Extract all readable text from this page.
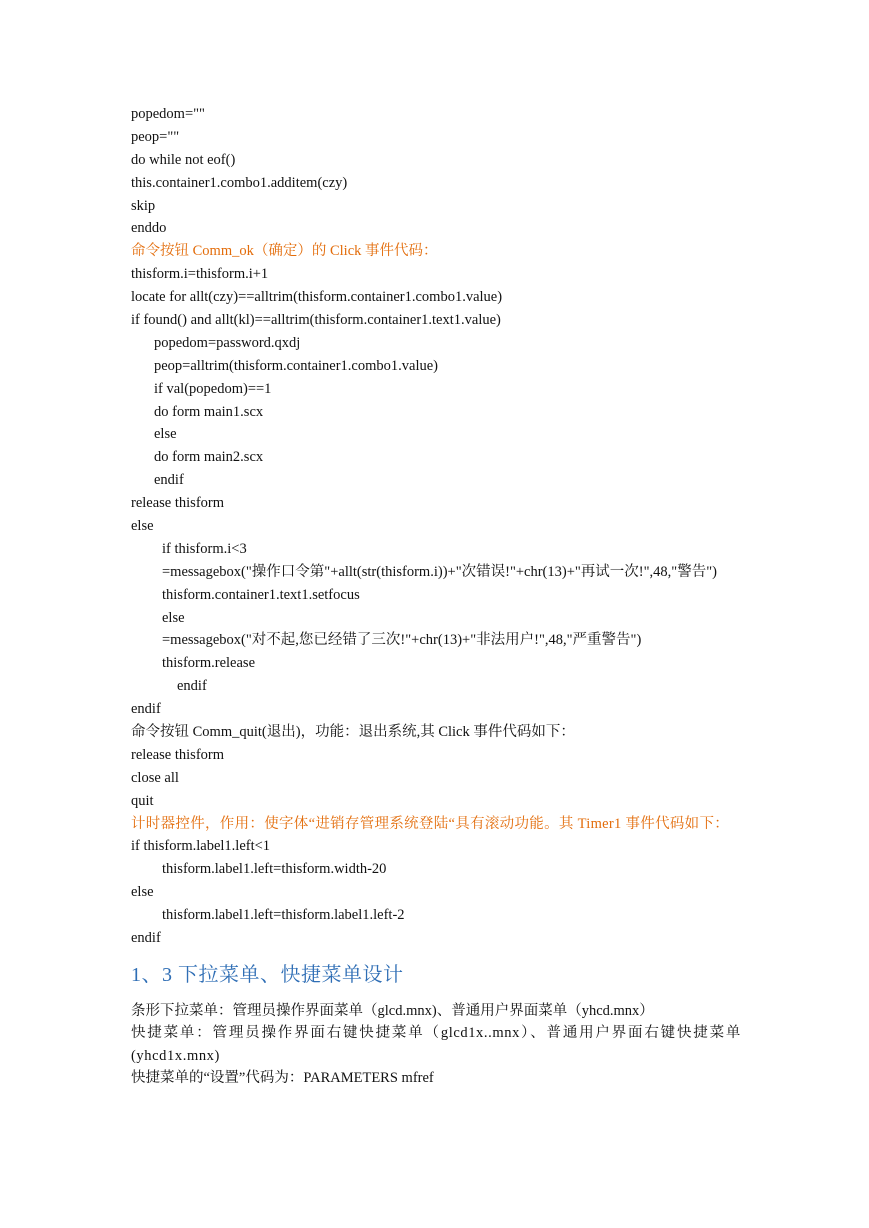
popedom=""
peop=""
do while not eof()
this.container1.combo1.additem(czy)
skip
enddo
命令按钮 Comm_ok（确定）的 Click 事件代码：
thisform.i=thisform.i+1
locate for allt(czy)==alltrim(thisform.container1.combo1.value)
if found() and allt(kl)==alltrim(thisform.container1.text1.value)
popedom=password.qxdj
peop=alltrim(thisform.container1.combo1.value)
if val(popedom)==1
do form main1.scx
else
do form main2.scx
endif
release thisform
else
if thisform.i<3
=messagebox("操作口令第"+allt(str(thisform.i))+"次错误!"+chr(13)+"再试一次!",48,"警告")
thisform.container1.text1.setfocus
else
=messagebox("对不起,您已经错了三次!"+chr(13)+"非法用户!",48,"严重警告")
thisform.release
endif
endif
命令按钮 Comm_quit(退出)，功能：退出系统,其 Click 事件代码如下：
release thisform
close all
quit
计时器控件，作用：使字体“进销存管理系统登陆“具有滚动功能。其 Timer1 事件代码如下：
if thisform.label1.left<1
thisform.label1.left=thisform.width-20
else
thisform.label1.left=thisform.label1.left-2
endif
1、3 下拉菜单、快捷菜单设计
条形下拉菜单：管理员操作界面菜单（glcd.mnx)、普通用户界面菜单（yhcd.mnx）
快捷菜单：管理员操作界面右键快捷菜单（glcd1x..mnx）、普通用户界面右键快捷菜单(yhcd1x.mnx)
快捷菜单的“设置”代码为：PARAMETERS mfref
